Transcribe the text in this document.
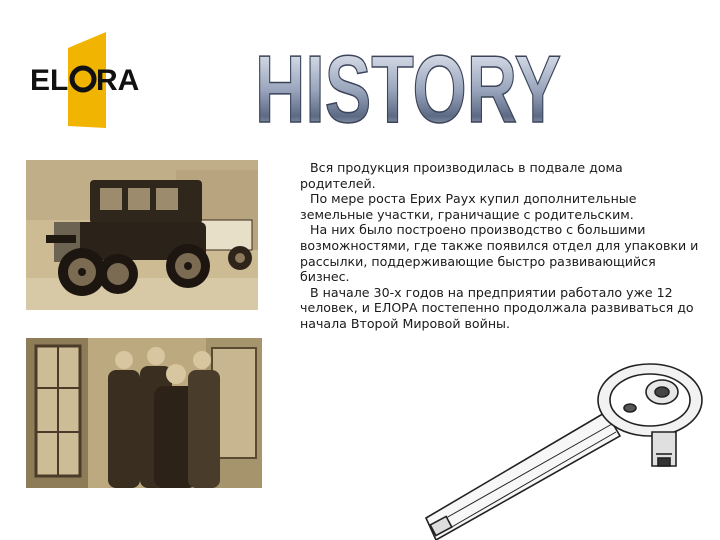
EL RA HISTORY

Вся продукция производилась в подвале дома родителей.

По мере роста Ерих Раух купил дополнительные земельные участки, граничащие с родительским.

На них было построено производство с большими возможностями, где также появился отдел для упаковки и рассылки, поддерживающие быстро развивающийся бизнес.

В начале 30-х годов на предприятии работало уже 12 человек, и ЕЛОРА постепенно продолжала развиваться до начала Второй Мировой войны.
